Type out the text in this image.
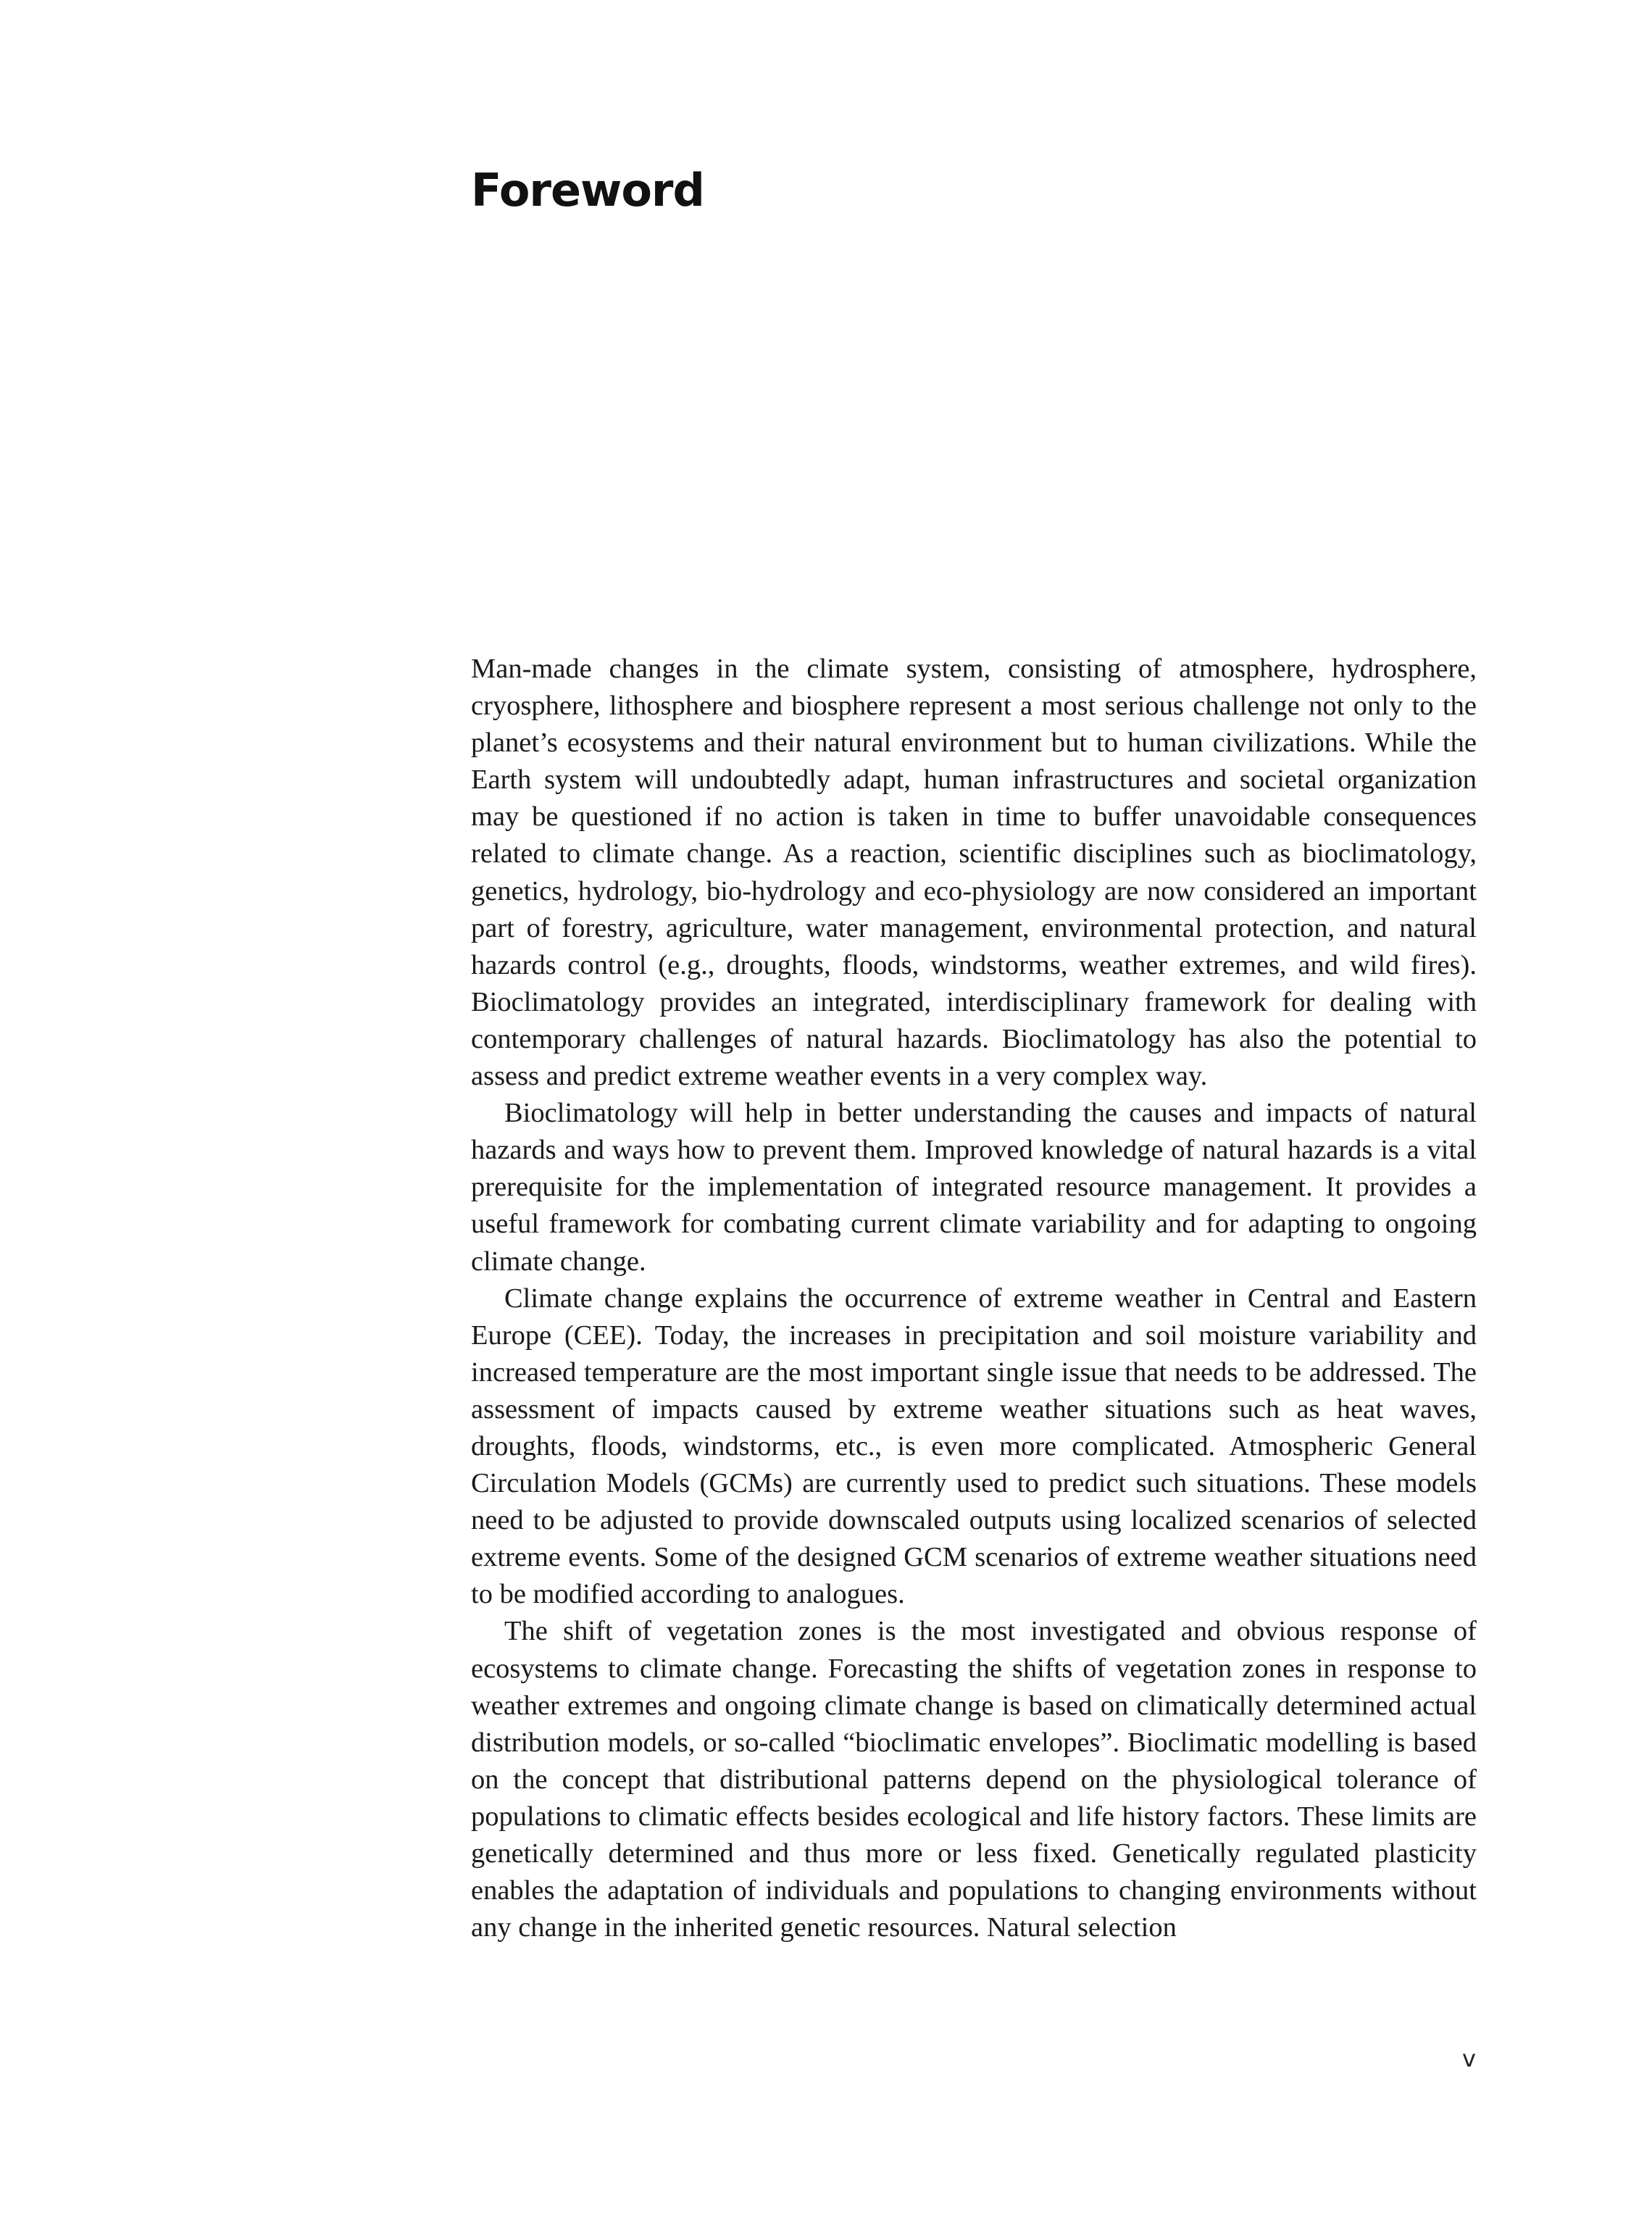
Foreword

Man-made changes in the climate system, consisting of atmosphere, hydrosphere, cryosphere, lithosphere and biosphere represent a most serious challenge not only to the planet’s ecosystems and their natural environment but to human civilizations. While the Earth system will undoubtedly adapt, human infrastructures and societal organization may be questioned if no action is taken in time to buffer unavoidable consequences related to climate change. As a reaction, scientific disciplines such as bioclimatology, genetics, hydrology, bio-hydrology and eco-physiology are now considered an important part of forestry, agriculture, water management, environmental protection, and natural hazards control (e.g., droughts, floods, windstorms, weather extremes, and wild fires). Bioclimatology provides an integrated, interdisciplinary framework for dealing with contemporary challenges of natural hazards. Bioclimatology has also the potential to assess and predict extreme weather events in a very complex way.

Bioclimatology will help in better understanding the causes and impacts of natural hazards and ways how to prevent them. Improved knowledge of natural hazards is a vital prerequisite for the implementation of integrated resource management. It provides a useful framework for combating current climate variability and for adapting to ongoing climate change.

Climate change explains the occurrence of extreme weather in Central and Eastern Europe (CEE). Today, the increases in precipitation and soil moisture variability and increased temperature are the most important single issue that needs to be addressed. The assessment of impacts caused by extreme weather situations such as heat waves, droughts, floods, windstorms, etc., is even more complicated. Atmospheric General Circulation Models (GCMs) are currently used to predict such situations. These models need to be adjusted to provide downscaled outputs using localized scenarios of selected extreme events. Some of the designed GCM scenarios of extreme weather situations need to be modified according to analogues.

The shift of vegetation zones is the most investigated and obvious response of ecosystems to climate change. Forecasting the shifts of vegetation zones in response to weather extremes and ongoing climate change is based on climatically determined actual distribution models, or so-called “bioclimatic envelopes”. Bioclimatic modelling is based on the concept that distributional patterns depend on the physiological tolerance of populations to climatic effects besides ecological and life history factors. These limits are genetically determined and thus more or less fixed. Genetically regulated plasticity enables the adaptation of individuals and populations to changing environments without any change in the inherited genetic resources. Natural selection

v
